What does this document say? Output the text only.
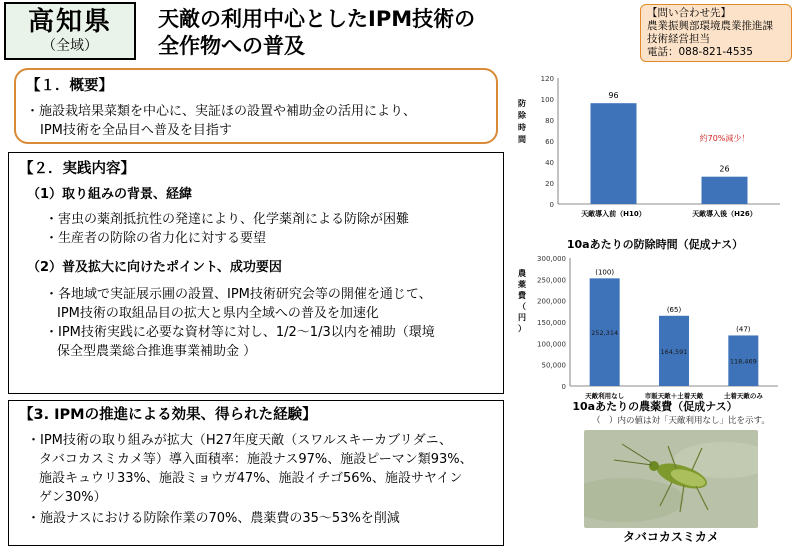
高知県
（全域）
天敵の利用中心としたIPM技術の
全作物への普及
【問い合わせ先】
農業振興部環境農業推進課
技術経営担当
電話：088-821-4535
【１．概要】
・施設栽培果菜類を中心に、実証ほの設置や補助金の活用により、
IPM技術を全品目へ普及を目指す
【２．実践内容】
（1）取り組みの背景、経緯
・害虫の薬剤抵抗性の発達により、化学薬剤による防除が困難
・生産者の防除の省力化に対する要望
（2）普及拡大に向けたポイント、成功要因
・各地域で実証展示圃の設置、IPM技術研究会等の開催を通じて、
IPM技術の取組品目の拡大と県内全域への普及を加速化
・IPM技術実践に必要な資材等に対し、1/2～1/3以内を補助（環境
保全型農業総合推進事業補助金 ）
【3. IPMの推進による効果、得られた経験】
・IPM技術の取り組みが拡大（H27年度天敵（スワルスキーカブリダニ、
タバコカスミカメ等）導入面積率：施設ナス97%、施設ピーマン類93%、
施設キュウリ33%、施設ミョウガ47%、施設イチゴ56%、施設サヤイン
ゲン30%）
・施設ナスにおける防除作業の70%、農薬費の35～53%を削減
0
20
40
60
80
100
120
防
除
時
間
96
天敵導入前（H10）
26
天敵導入後（H26）
約70%減少！
10aあたりの防除時間（促成ナス）
0
50,000
100,000
150,000
200,000
250,000
300,000
農
薬
費
（
円
）
(100)
252,314
天敵利用なし
(65)
164,591
市販天敵＋土着天敵
(47)
118,469
土着天敵のみ
10aあたりの農薬費（促成ナス）
（　）内の値は対「天敵利用なし」比を示す。
タバコカスミカメ
